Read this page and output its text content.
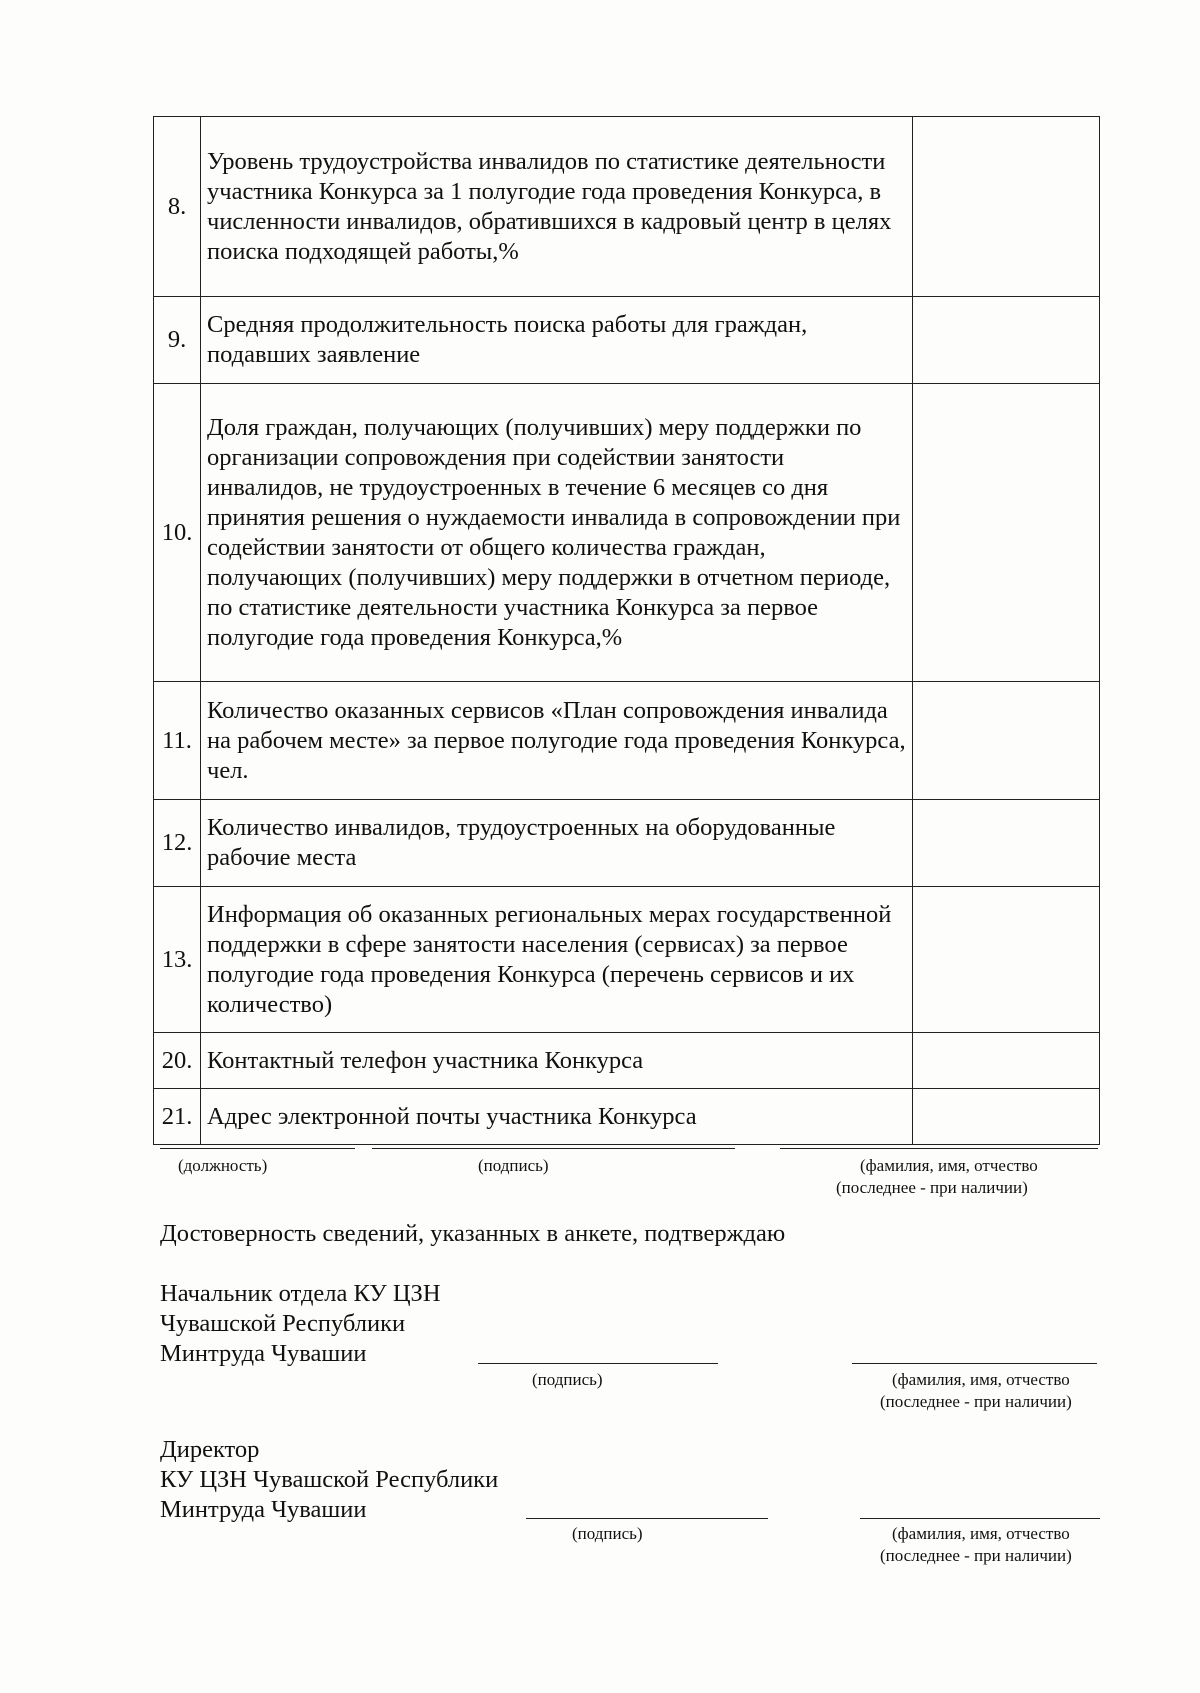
8.	Уровень трудоустройства инвалидов по статистике деятельности участника Конкурса за 1 полугодие года проведения Конкурса, в численности инвалидов, обратившихся в кадровый центр в целях поиска подходящей работы,%	
9.	Средняя продолжительность поиска работы для граждан, подавших заявление	
10.	Доля граждан, получающих (получивших) меру поддержки по организации сопровождения при содействии занятости инвалидов, не трудоустроенных в течение 6 месяцев со дня принятия решения о нуждаемости инвалида в сопровождении при содействии занятости от общего количества граждан, получающих (получивших) меру поддержки в отчетном периоде, по статистике деятельности участника Конкурса за первое полугодие года проведения Конкурса,%	
11.	Количество оказанных сервисов «План сопровождения инвалида на рабочем месте» за первое полугодие года проведения Конкурса, чел.	
12.	Количество инвалидов, трудоустроенных на оборудованные рабочие места	
13.	Информация об оказанных региональных мерах государственной поддержки в сфере занятости населения (сервисах) за первое полугодие года проведения Конкурса (перечень сервисов и их количество)	
20.	Контактный телефон участника Конкурса	
21.	Адрес электронной почты участника Конкурса	
(должность)	(подпись)	(фамилия, имя, отчество
(последнее - при наличии)
Достоверность сведений, указанных в анкете, подтверждаю
Начальник отдела КУ ЦЗН
Чувашской Республики
Минтруда Чувашии
(подпись)	(фамилия, имя, отчество
(последнее - при наличии)
Директор
КУ ЦЗН Чувашской Республики
Минтруда Чувашии
(подпись)	(фамилия, имя, отчество
(последнее - при наличии)
